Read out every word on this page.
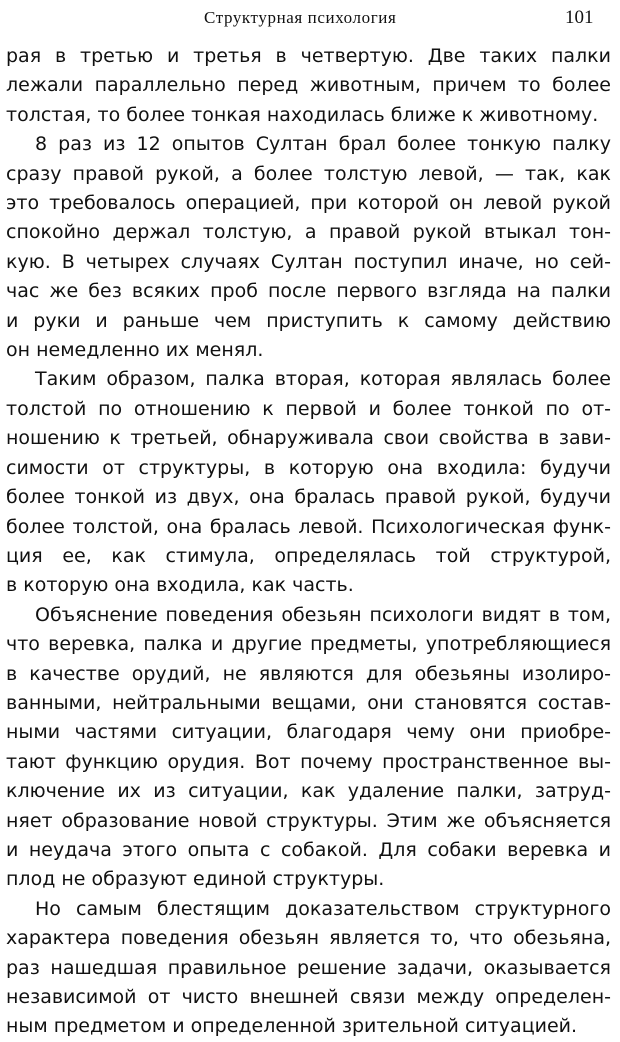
Структурная психология	101
рая в третью и третья в четвертую. Две таких палки
лежали параллельно перед животным, причем то более
толстая, то более тонкая находилась ближе к животному.
8 раз из 12 опытов Султан брал более тонкую палку
сразу правой рукой, а более толстую левой, — так, как
это требовалось операцией, при которой он левой рукой
спокойно держал толстую, а правой рукой втыкал тон-
кую. В четырех случаях Султан поступил иначе, но сей-
час же без всяких проб после первого взгляда на палки
и руки и раньше чем приступить к самому действию
он немедленно их менял.
Таким образом, палка вторая, которая являлась более
толстой по отношению к первой и более тонкой по от-
ношению к третьей, обнаруживала свои свойства в зави-
симости от структуры, в которую она входила: будучи
более тонкой из двух, она бралась правой рукой, будучи
более толстой, она бралась левой. Психологическая функ-
ция ее, как стимула, определялась той структурой,
в которую она входила, как часть.
Объяснение поведения обезьян психологи видят в том,
что веревка, палка и другие предметы, употребляющиеся
в качестве орудий, не являются для обезьяны изолиро-
ванными, нейтральными вещами, они становятся состав-
ными частями ситуации, благодаря чему они приобре-
тают функцию орудия. Вот почему пространственное вы-
ключение их из ситуации, как удаление палки, затруд-
няет образование новой структуры. Этим же объясняется
и неудача этого опыта с собакой. Для собаки веревка и
плод не образуют единой структуры.
Но самым блестящим доказательством структурного
характера поведения обезьян является то, что обезьяна,
раз нашедшая правильное решение задачи, оказывается
независимой от чисто внешней связи между определен-
ным предметом и определенной зрительной ситуацией.
